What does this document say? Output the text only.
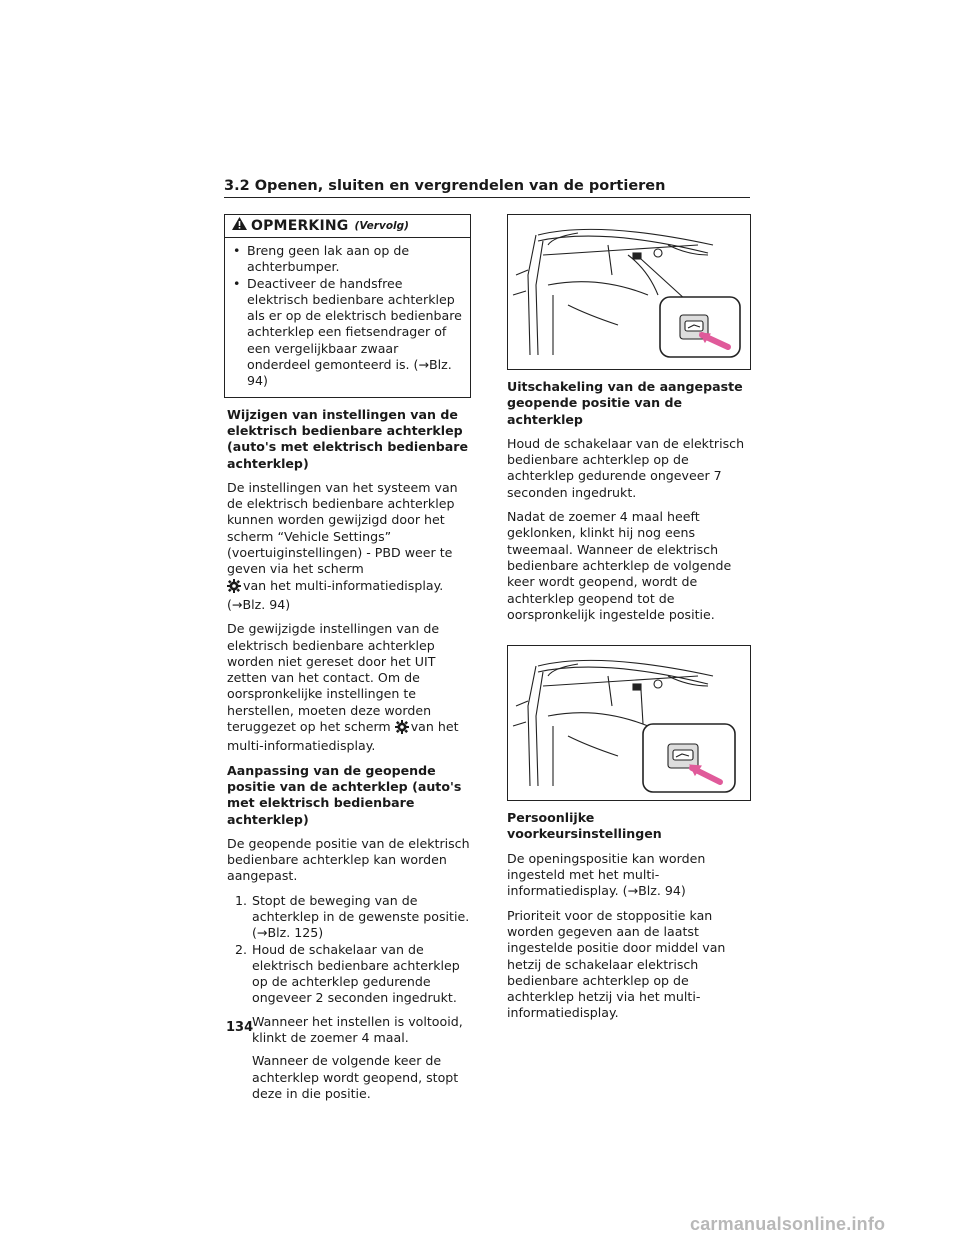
3.2 Openen, sluiten en vergrendelen van de portieren
OPMERKING (Vervolg)
• Breng geen lak aan op de achterbumper.
• Deactiveer de handsfree elektrisch bedienbare achterklep als er op de elektrisch bedienbare achterklep een fietsendrager of een vergelijkbaar zwaar onderdeel gemonteerd is. (→Blz. 94)
Wijzigen van instellingen van de elektrisch bedienbare achterklep (auto's met elektrisch bedienbare achterklep)

De instellingen van het systeem van de elektrisch bedienbare achterklep kunnen worden gewijzigd door het scherm “Vehicle Settings” (voertuiginstellingen) - PBD weer te geven via het scherm
van het multi-informatiedisplay. (→Blz. 94)

De gewijzigde instellingen van de elektrisch bedienbare achterklep worden niet gereset door het UIT zetten van het contact. Om de oorspronkelijke instellingen te herstellen, moeten deze worden teruggezet op het scherm van het multi-informatiedisplay.

Aanpassing van de geopende positie van de achterklep (auto's met elektrisch bedienbare achterklep)

De geopende positie van de elektrisch bedienbare achterklep kan worden aangepast.

1. Stopt de beweging van de achterklep in de gewenste positie. (→Blz. 125)
2. Houd de schakelaar van de elektrisch bedienbare achterklep op de achterklep gedurende ongeveer 2 seconden ingedrukt.

Wanneer het instellen is voltooid, klinkt de zoemer 4 maal.

Wanneer de volgende keer de achterklep wordt geopend, stopt deze in die positie.

Uitschakeling van de aangepaste geopende positie van de achterklep

Houd de schakelaar van de elektrisch bedienbare achterklep op de achterklep gedurende ongeveer 7 seconden ingedrukt.

Nadat de zoemer 4 maal heeft geklonken, klinkt hij nog eens tweemaal. Wanneer de elektrisch bedienbare achterklep de volgende keer wordt geopend, wordt de achterklep geopend tot de oorspronkelijk ingestelde positie.

Persoonlijke voorkeursinstellingen

De openingspositie kan worden ingesteld met het multi-informatiedisplay. (→Blz. 94)

Prioriteit voor de stoppositie kan worden gegeven aan de laatst ingestelde positie door middel van hetzij de schakelaar elektrisch bedienbare achterklep op de achterklep hetzij via het multi-informatiedisplay.

134
carmanualsonline.info
